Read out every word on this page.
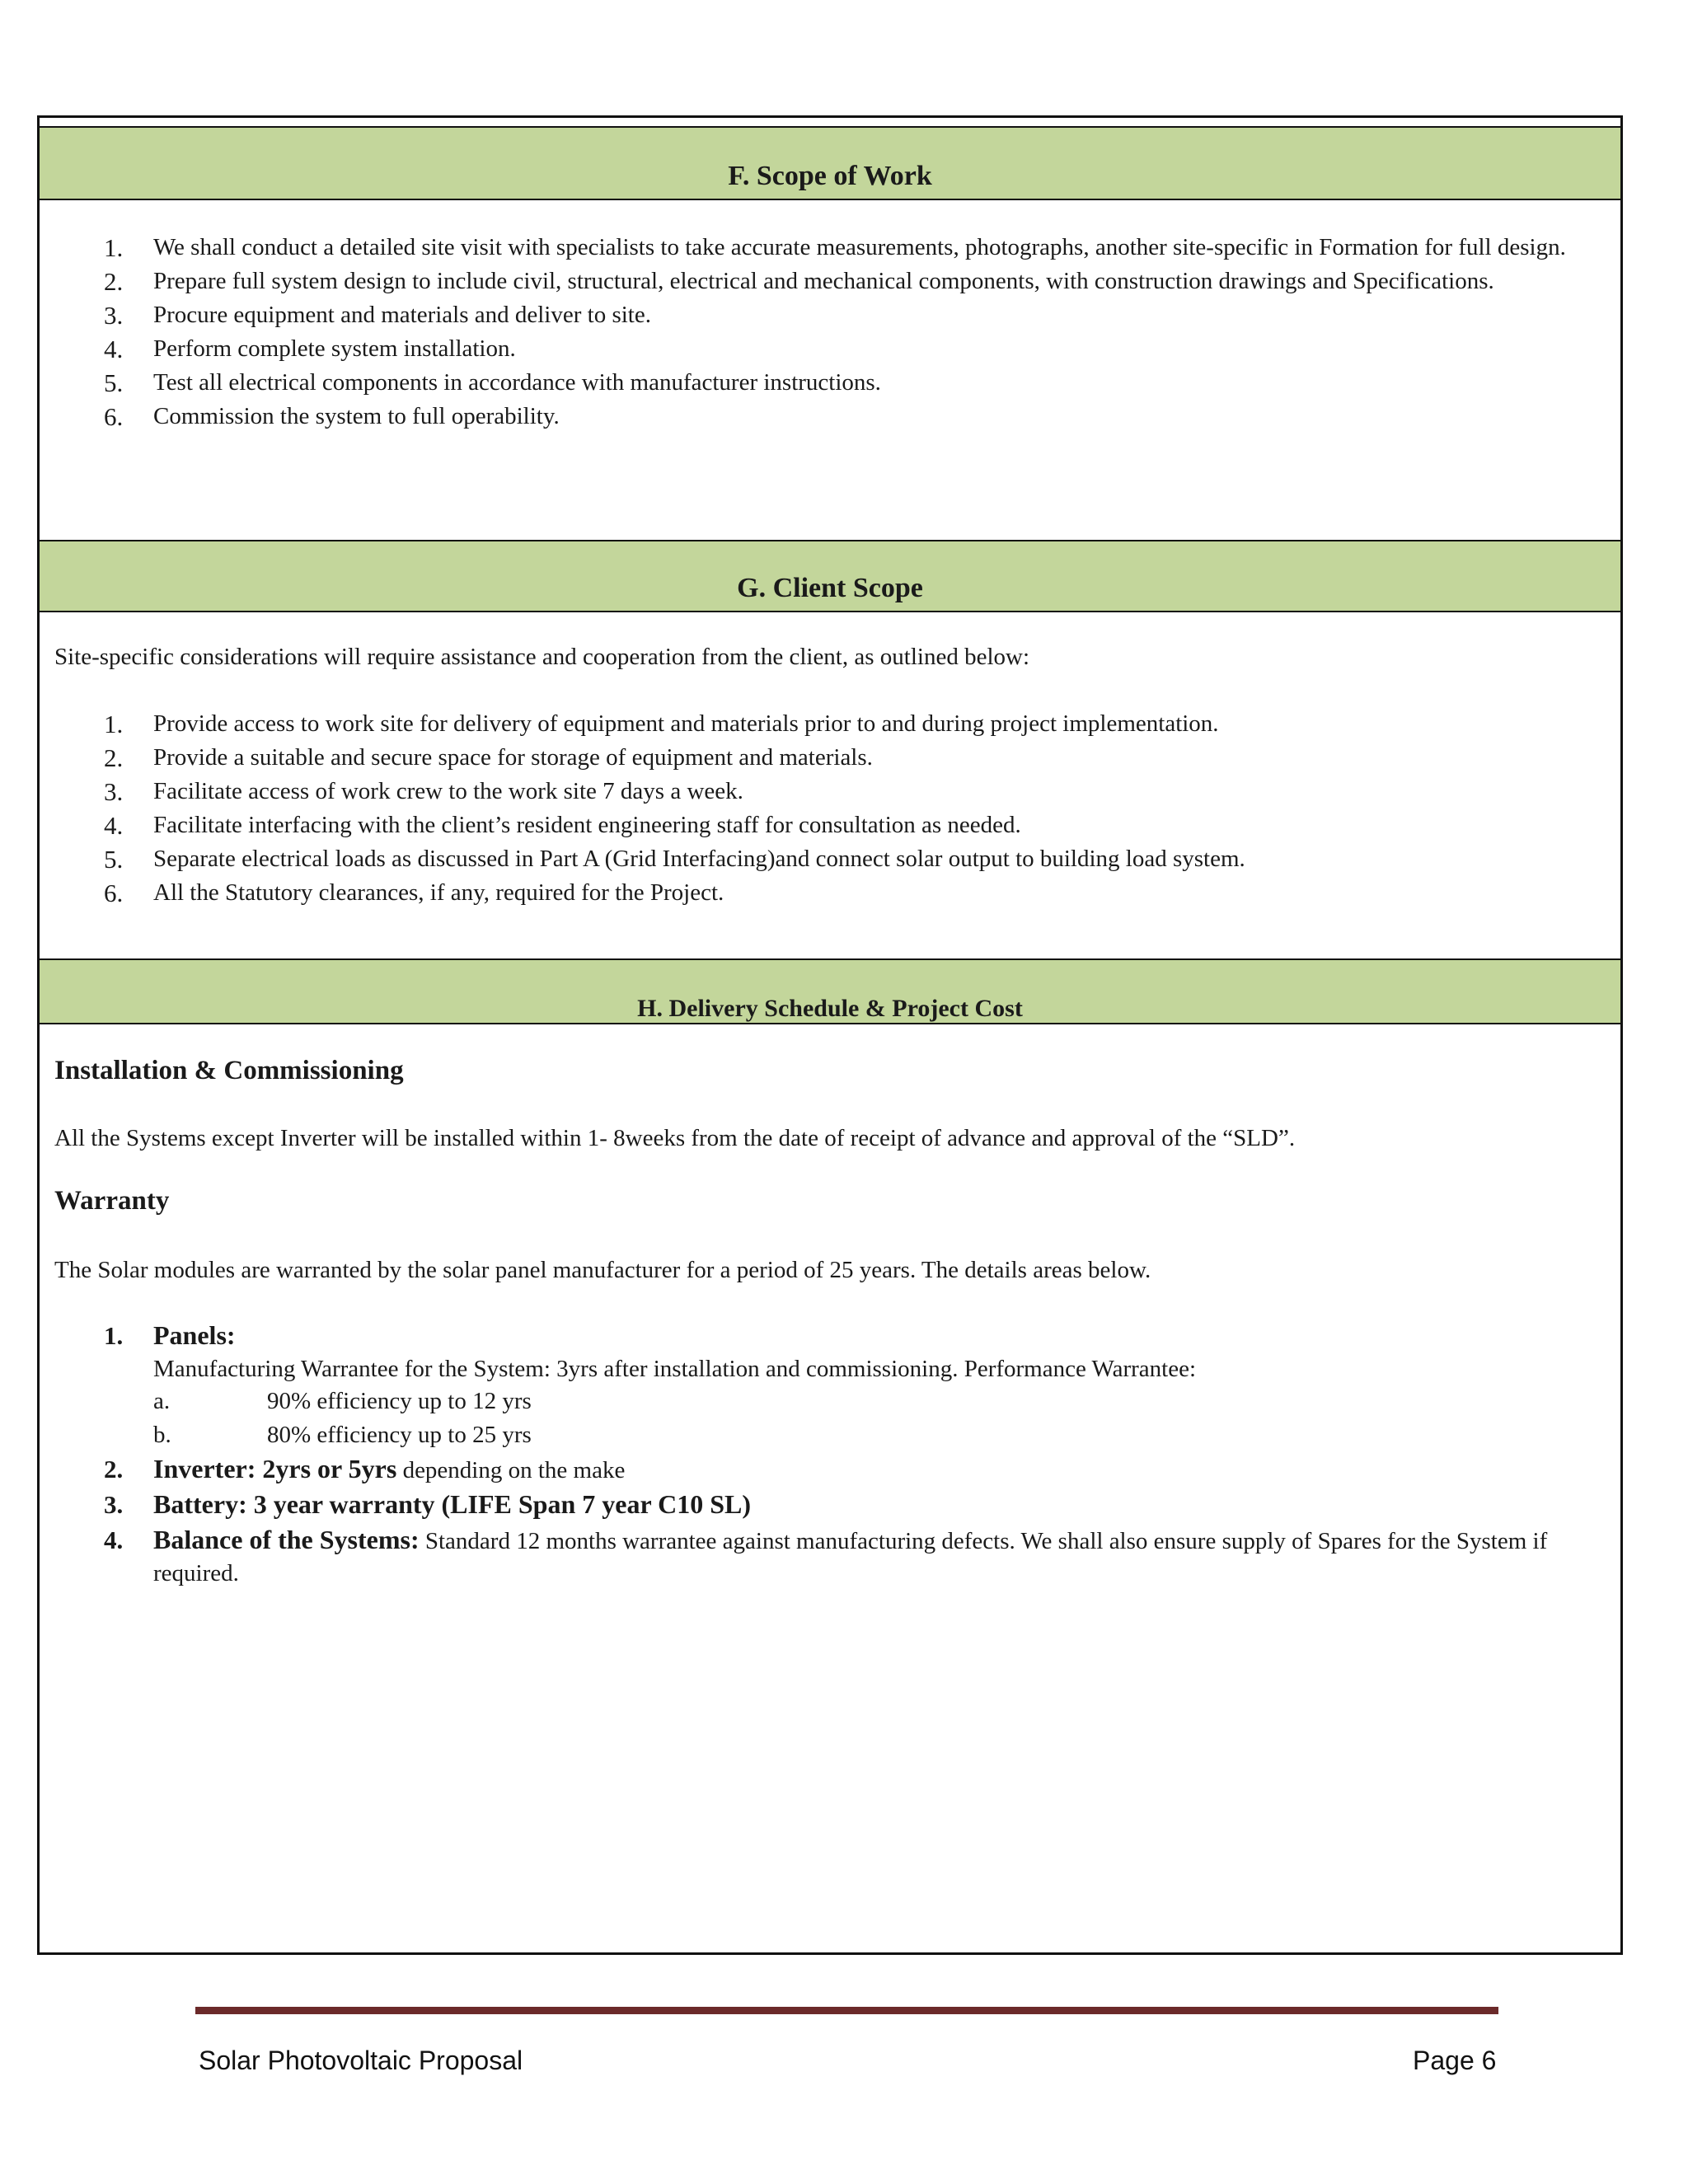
F. Scope of Work
1.	We shall conduct a detailed site visit with specialists to take accurate measurements, photographs, another site-specific in Formation for full design.
2.	Prepare full system design to include civil, structural, electrical and mechanical components, with construction drawings and Specifications.
3.	Procure equipment and materials and deliver to site.
4.	Perform complete system installation.
5.	Test all electrical components in accordance with manufacturer instructions.
6.	Commission the system to full operability.
G. Client Scope
Site-specific considerations will require assistance and cooperation from the client, as outlined below:
1.	Provide access to work site for delivery of equipment and materials prior to and during project implementation.
2.	Provide a suitable and secure space for storage of equipment and materials.
3.	Facilitate access of work crew to the work site 7 days a week.
4.	Facilitate interfacing with the client’s resident engineering staff for consultation as needed.
5.	Separate electrical loads as discussed in Part A (Grid Interfacing)and connect solar output to building load system.
6.	All the Statutory clearances, if any, required for the Project.
H. Delivery Schedule & Project Cost
Installation & Commissioning
All the Systems except Inverter will be installed within 1- 8weeks from the date of receipt of advance and approval of the “SLD”.
Warranty
The Solar modules are warranted by the solar panel manufacturer for a period of 25 years. The details areas below.
1.	Panels:
Manufacturing Warrantee for the System: 3yrs after installation and commissioning. Performance Warrantee:
a.	90% efficiency up to 12 yrs
b.	80% efficiency up to 25 yrs
2.	Inverter: 2yrs or 5yrs depending on the make
3.	Battery: 3 year warranty (LIFE Span 7 year C10 SL)
4.	Balance of the Systems: Standard 12 months warrantee against manufacturing defects. We shall also ensure supply of Spares for the System if required.
Solar Photovoltaic Proposal	Page 6
